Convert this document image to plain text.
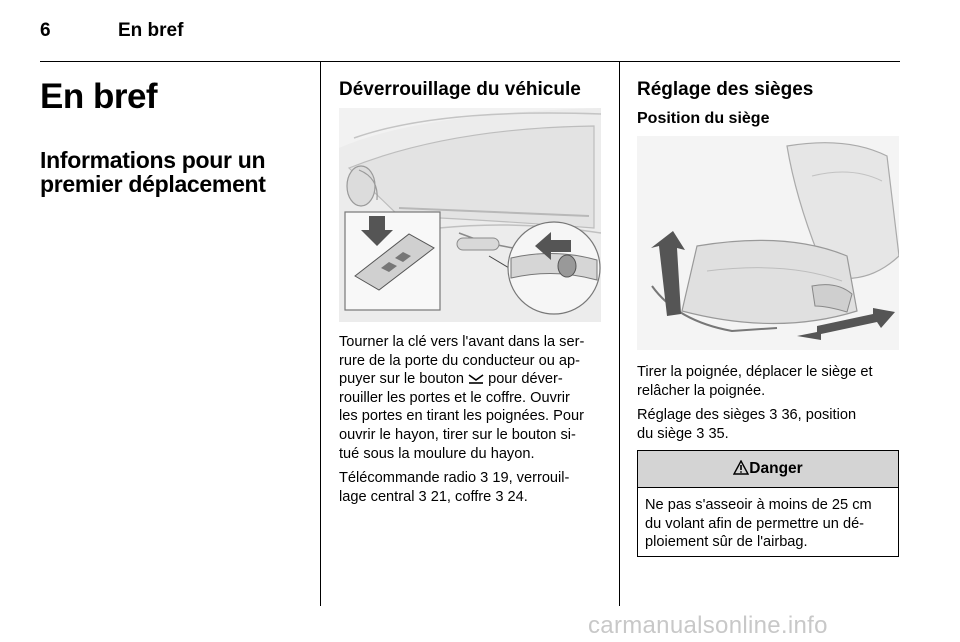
6	En bref
En bref
Informations pour un premier déplacement
Déverrouillage du véhicule

Tourner la clé vers l'avant dans la ser-
rure de la porte du conducteur ou ap-
puyer sur le bouton pour déver-
rouiller les portes et le coffre. Ouvrir
les portes en tirant les poignées. Pour
ouvrir le hayon, tirer sur le bouton si-
tué sous la moulure du hayon.

Télécommande radio 3 19, verrouil-
lage central 3 21, coffre 3 24.

Réglage des sièges
Position du siège

Tirer la poignée, déplacer le siège et
relâcher la poignée.

Réglage des sièges 3 36, position
du siège 3 35.

Danger
Ne pas s'asseoir à moins de 25 cm
du volant afin de permettre un dé-
ploiement sûr de l'airbag.
carmanualsonline.info
